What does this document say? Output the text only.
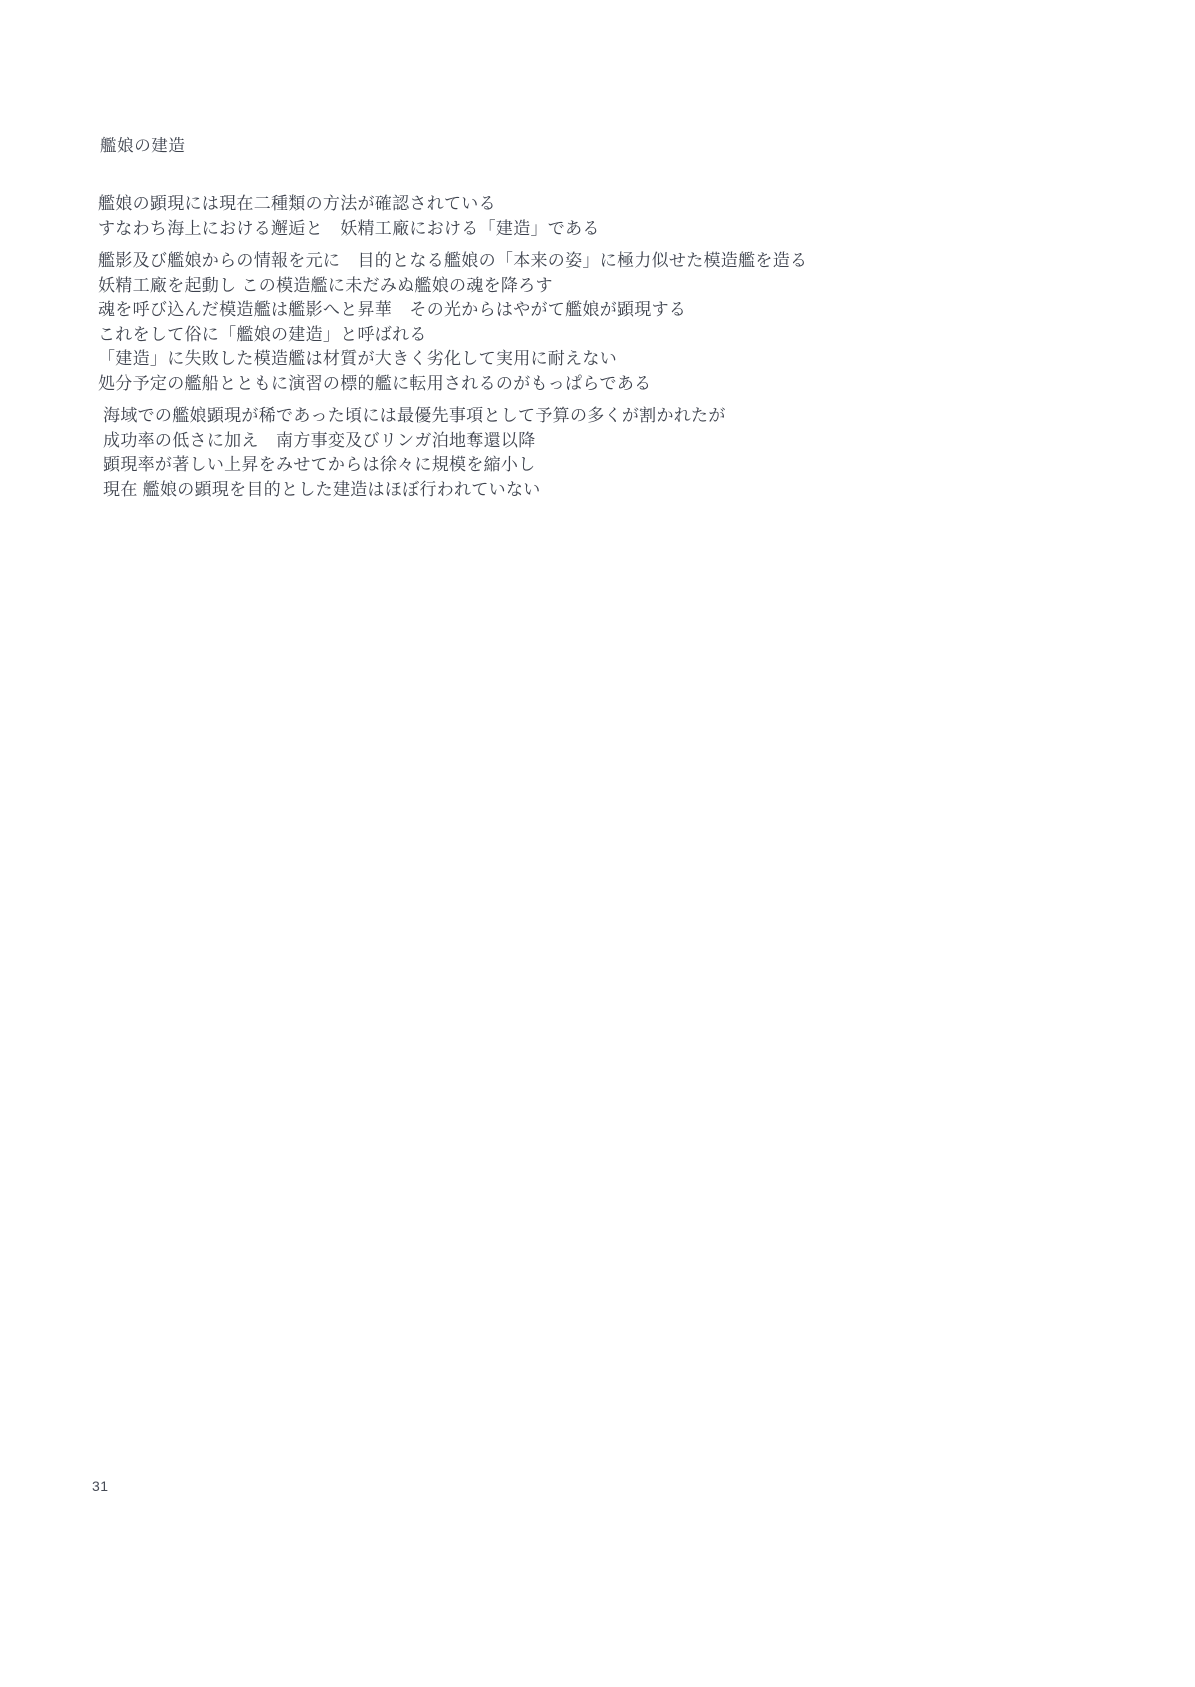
艦娘の建造

艦娘の顕現には現在二種類の方法が確認されている

すなわち海上における邂逅と　妖精工廠における「建造」である

艦影及び艦娘からの情報を元に　目的となる艦娘の「本来の姿」に極力似せた模造艦を造る

妖精工廠を起動し この模造艦に未だみぬ艦娘の魂を降ろす

魂を呼び込んだ模造艦は艦影へと昇華　その光からはやがて艦娘が顕現する

これをして俗に「艦娘の建造」と呼ばれる

「建造」に失敗した模造艦は材質が大きく劣化して実用に耐えない

処分予定の艦船とともに演習の標的艦に転用されるのがもっぱらである

海域での艦娘顕現が稀であった頃には最優先事項として予算の多くが割かれたが

成功率の低さに加え　南方事変及びリンガ泊地奪還以降

顕現率が著しい上昇をみせてからは徐々に規模を縮小し

現在 艦娘の顕現を目的とした建造はほぼ行われていない

31
